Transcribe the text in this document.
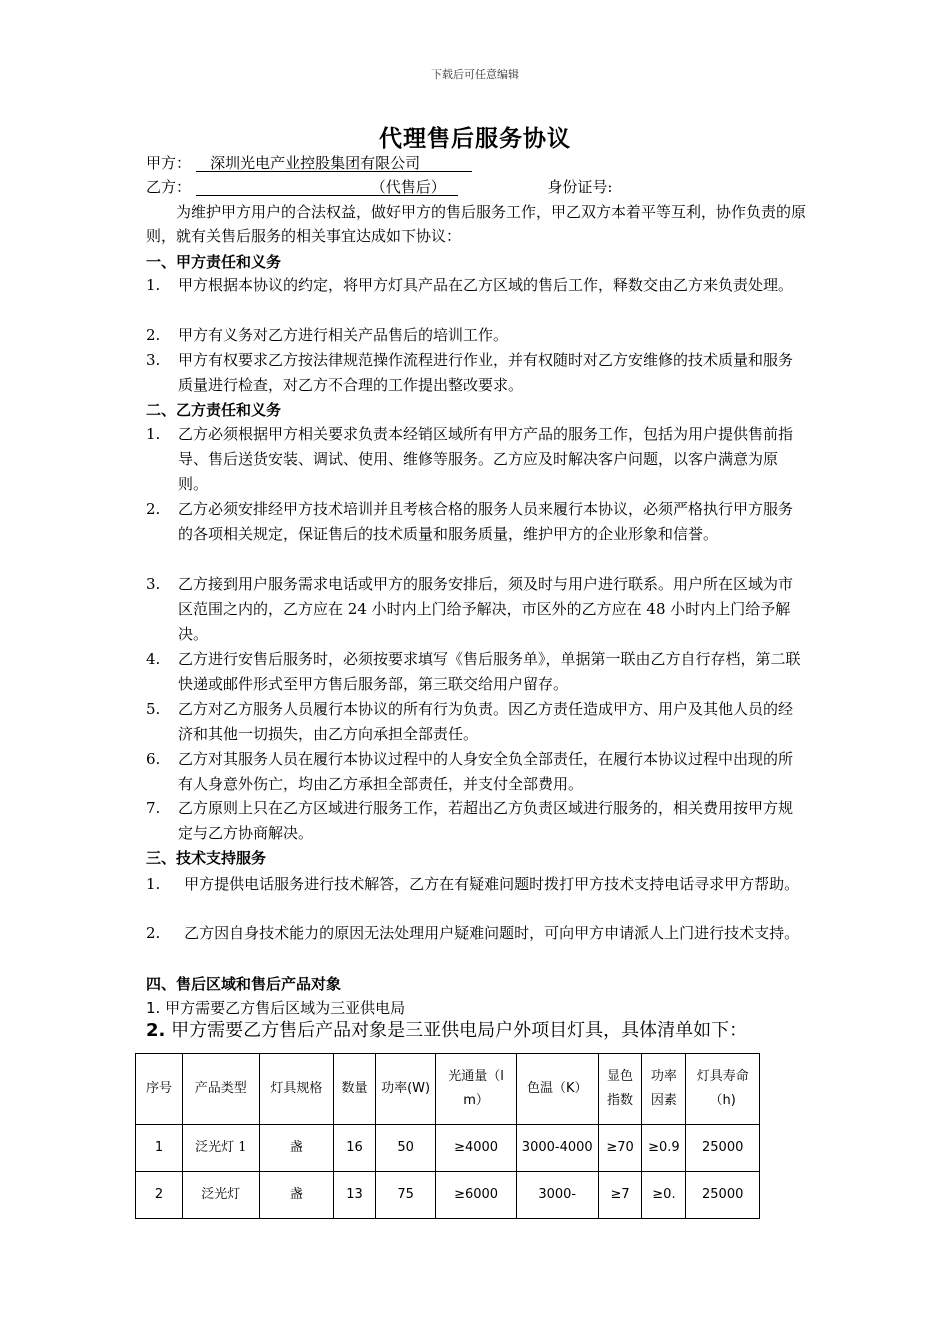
下载后可任意编辑
代理售后服务协议
甲方： 深圳光电产业控股集团有限公司
乙方：	（代售后）	身份证号:
为维护甲方用户的合法权益，做好甲方的售后服务工作，甲乙双方本着平等互利，协作负责的原则，就有关售后服务的相关事宜达成如下协议：
一、甲方责任和义务
1.	甲方根据本协议的约定，将甲方灯具产品在乙方区域的售后工作，释数交由乙方来负责处理。
2.	甲方有义务对乙方进行相关产品售后的培训工作。
3.	甲方有权要求乙方按法律规范操作流程进行作业，并有权随时对乙方安维修的技术质量和服务质量进行检查，对乙方不合理的工作提出整改要求。
二、乙方责任和义务
1.	乙方必须根据甲方相关要求负责本经销区域所有甲方产品的服务工作，包括为用户提供售前指导、售后送货安装、调试、使用、维修等服务。乙方应及时解决客户问题，以客户满意为原则。
2.	乙方必须安排经甲方技术培训并且考核合格的服务人员来履行本协议，必须严格执行甲方服务的各项相关规定，保证售后的技术质量和服务质量，维护甲方的企业形象和信誉。
3.	乙方接到用户服务需求电话或甲方的服务安排后，须及时与用户进行联系。用户所在区域为市区范围之内的，乙方应在 24 小时内上门给予解决，市区外的乙方应在 48 小时内上门给予解决。
4.	乙方进行安售后服务时，必须按要求填写《售后服务单》，单据第一联由乙方自行存档，第二联快递或邮件形式至甲方售后服务部，第三联交给用户留存。
5.	乙方对乙方服务人员履行本协议的所有行为负责。因乙方责任造成甲方、用户及其他人员的经济和其他一切损失，由乙方向承担全部责任。
6.	乙方对其服务人员在履行本协议过程中的人身安全负全部责任，在履行本协议过程中出现的所有人身意外伤亡，均由乙方承担全部责任，并支付全部费用。
7.	乙方原则上只在乙方区域进行服务工作，若超出乙方负责区域进行服务的，相关费用按甲方规定与乙方协商解决。
三、技术支持服务
1. 甲方提供电话服务进行技术解答，乙方在有疑难问题时拨打甲方技术支持电话寻求甲方帮助。
2. 乙方因自身技术能力的原因无法处理用户疑难问题时，可向甲方申请派人上门进行技术支持。
四、售后区域和售后产品对象
1. 甲方需要乙方售后区域为三亚供电局
2. 甲方需要乙方售后产品对象是三亚供电局户外项目灯具，具体清单如下：
序号	产品类型	灯具规格	数量	功率(W)	光通量（lm）	色温（K）	显色指数	功率因素	灯具寿命（h)
1	泛光灯 1	盏	16	50	≥4000	3000-4000	≥70	≥0.9	25000
2	泛光灯	盏	13	75	≥6000	3000-	≥7	≥0.	25000
